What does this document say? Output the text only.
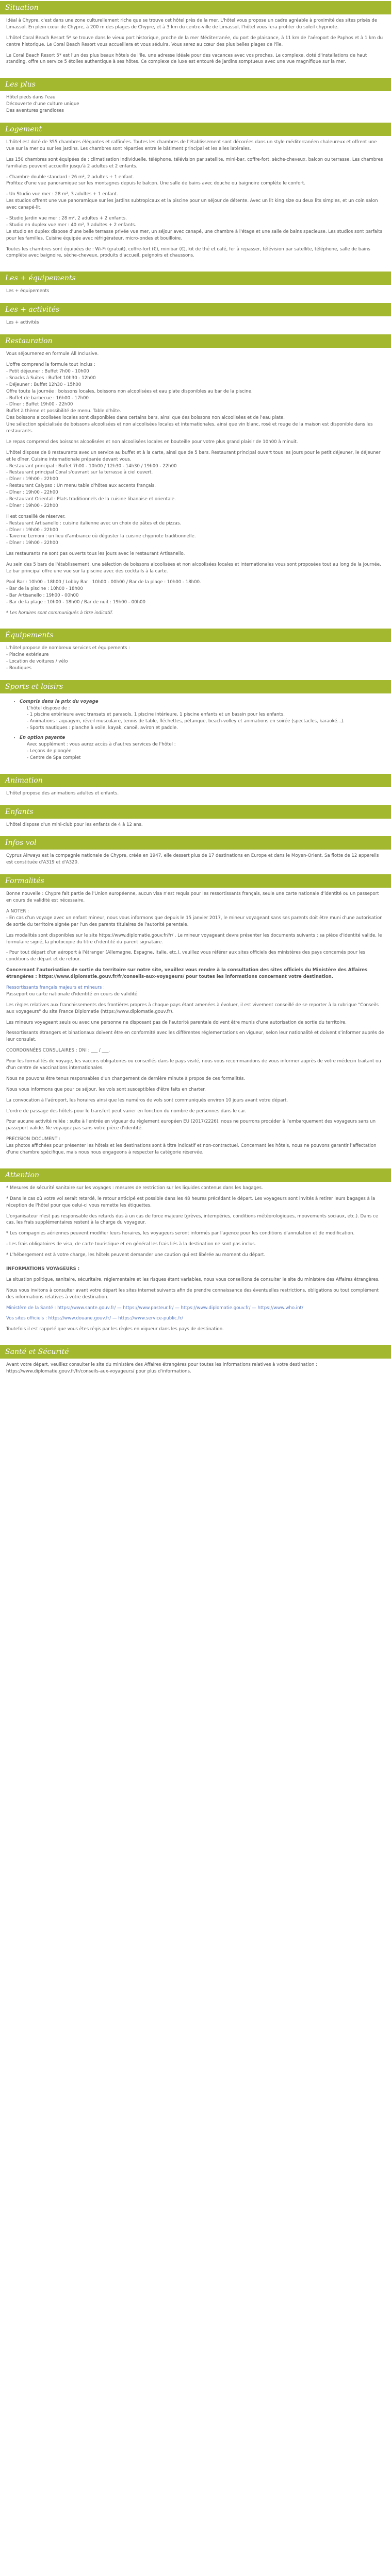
Situation

Idéal à Chypre, c'est dans une zone culturellement riche que se trouve cet hôtel près de la mer. L'hôtel vous propose un cadre agréable à proximité des sites prisés de Limassol. En plein cœur de Chypre, à 200 m des plages de Chypre, et à 3 km du centre-ville de Limassol, l'hôtel vous fera profiter du soleil chypriote.

L'hôtel Coral Beach Resort 5* se trouve dans le vieux port historique, proche de la mer Méditerranée, du port de plaisance, à 11 km de l'aéroport de Paphos et à 1 km du centre historique. Le Coral Beach Resort vous accueillera et vous séduira. Vous serez au cœur des plus belles plages de l'île.

Le Coral Beach Resort 5* est l'un des plus beaux hôtels de l'île, une adresse idéale pour des vacances avec vos proches. Le complexe, doté d'installations de haut standing, offre un service 5 étoiles authentique à ses hôtes. Ce complexe de luxe est entouré de jardins somptueux avec une vue magnifique sur la mer.

Les plus

Hôtel pieds dans l'eau

Découverte d'une culture unique

Des aventures grandioses

Logement

L'hôtel est doté de 355 chambres élégantes et raffinées. Toutes les chambres de l'établissement sont décorées dans un style méditerranéen chaleureux et offrent une vue sur la mer ou sur les jardins. Les chambres sont réparties entre le bâtiment principal et les ailes latérales.

Les 150 chambres sont équipées de : climatisation individuelle, téléphone, télévision par satellite, mini-bar, coffre-fort, sèche-cheveux, balcon ou terrasse. Les chambres familiales peuvent accueillir jusqu'à 2 adultes et 2 enfants.

- Chambre double standard : 26 m², 2 adultes + 1 enfant.

Profitez d'une vue panoramique sur les montagnes depuis le balcon. Une salle de bains avec douche ou baignoire complète le confort.

- Un Studio vue mer : 28 m², 3 adultes + 1 enfant.

Les studios offrent une vue panoramique sur les jardins subtropicaux et la piscine pour un séjour de détente. Avec un lit king size ou deux lits simples, et un coin salon avec canapé-lit.

- Studio Jardin vue mer : 28 m², 2 adultes + 2 enfants.

- Studio en duplex vue mer : 40 m², 3 adultes + 2 enfants.

Le studio en duplex dispose d'une belle terrasse privée vue mer, un séjour avec canapé, une chambre à l'étage et une salle de bains spacieuse. Les studios sont parfaits pour les familles. Cuisine équipée avec réfrigérateur, micro-ondes et bouilloire.

Toutes les chambres sont équipées de : Wi-Fi (gratuit), coffre-fort (€), minibar (€), kit de thé et café, fer à repasser, télévision par satellite, téléphone, salle de bains complète avec baignoire, sèche-cheveux, produits d'accueil, peignoirs et chaussons.

Les + équipements

Les + équipements

Les + activités

Les + activités

Restauration

Vous séjournerez en formule All Inclusive.

L'offre comprend la formule tout inclus :

- Petit déjeuner : Buffet 7h00 - 10h00

- Snacks à Suites : Buffet 10h30 - 12h00

- Déjeuner : Buffet 12h30 - 15h00

Offre toute la journée : boissons locales, boissons non alcoolisées et eau plate disponibles au bar de la piscine.

- Buffet de barbecue : 16h00 - 17h00

- Dîner : Buffet 19h00 - 22h00

Buffet à thème et possibilité de menu. Table d'hôte.

Des boissons alcoolisées locales sont disponibles dans certains bars, ainsi que des boissons non alcoolisées et de l'eau plate.

Une sélection spécialisée de boissons alcoolisées et non alcoolisées locales et internationales, ainsi que vin blanc, rosé et rouge de la maison est disponible dans les restaurants.

Le repas comprend des boissons alcoolisées et non alcoolisées locales en bouteille pour votre plus grand plaisir de 10h00 à minuit.

L'hôtel dispose de 8 restaurants avec un service au buffet et à la carte, ainsi que de 5 bars. Restaurant principal ouvert tous les jours pour le petit déjeuner, le déjeuner et le dîner. Cuisine internationale préparée devant vous.

- Restaurant principal : Buffet 7h00 - 10h00 / 12h30 - 14h30 / 19h00 - 22h00

- Restaurant principal Coral s'ouvrant sur la terrasse à ciel ouvert.

- Dîner : 19h00 - 22h00

- Restaurant Calypso : Un menu table d'hôtes aux accents français.

- Dîner : 19h00 - 22h00

- Restaurant Oriental : Plats traditionnels de la cuisine libanaise et orientale.

- Dîner : 19h00 - 22h00

Il est conseillé de réserver.

- Restaurant Artisanello : cuisine italienne avec un choix de pâtes et de pizzas.

- Dîner : 19h00 - 22h00

- Taverne Lemoni : un lieu d'ambiance où déguster la cuisine chypriote traditionnelle.

- Dîner : 19h00 - 22h00

Les restaurants ne sont pas ouverts tous les jours avec le restaurant Artisanello.

Au sein des 5 bars de l'établissement, une sélection de boissons alcoolisées et non alcoolisées locales et internationales vous sont proposées tout au long de la journée. Le bar principal offre une vue sur la piscine avec des cocktails à la carte.

Pool Bar : 10h00 - 18h00 / Lobby Bar : 10h00 - 00h00 / Bar de la plage : 10h00 - 18h00.

- Bar de la piscine : 10h00 - 18h00

- Bar Artisanello : 19h00 - 00h00

- Bar de la plage : 10h00 - 18h00 / Bar de nuit : 19h00 - 00h00

* Les horaires sont communiqués à titre indicatif.

Équipements

L'hôtel propose de nombreux services et équipements :

- Piscine extérieure

- Location de voitures / vélo

- Boutiques

Sports et loisirs
• Compris dans le prix du voyage

L'hôtel dispose de :

- 1 piscine extérieure avec transats et parasols, 1 piscine intérieure, 1 piscine enfants et un bassin pour les enfants.

- Animations : aquagym, réveil musculaire, tennis de table, fléchettes, pétanque, beach-volley et animations en soirée (spectacles, karaoké...).

- Sports nautiques : planche à voile, kayak, canoë, aviron et paddle.

• En option payante

Avec supplément : vous aurez accès à d'autres services de l'hôtel :

- Leçons de plongée

- Centre de Spa complet

Animation

L'hôtel propose des animations adultes et enfants.

Enfants

L'hôtel dispose d'un mini-club pour les enfants de 4 à 12 ans.

Infos vol

Cyprus Airways est la compagnie nationale de Chypre, créée en 1947, elle dessert plus de 17 destinations en Europe et dans le Moyen-Orient. Sa flotte de 12 appareils est constituée d'A319 et d'A320.

Formalités

Bonne nouvelle : Chypre fait partie de l'Union européenne, aucun visa n'est requis pour les ressortissants français, seule une carte nationale d'identité ou un passeport en cours de validité est nécessaire.

A NOTER :

- En cas d'un voyage avec un enfant mineur, nous vous informons que depuis le 15 janvier 2017, le mineur voyageant sans ses parents doit être muni d'une autorisation de sortie du territoire signée par l'un des parents titulaires de l'autorité parentale.

Les modalités sont disponibles sur le site https://www.diplomatie.gouv.fr/fr/ . Le mineur voyageant devra présenter les documents suivants : sa pièce d'identité valide, le formulaire signé, la photocopie du titre d'identité du parent signataire.

- Pour tout départ d'un aéroport à l'étranger (Allemagne, Espagne, Italie, etc.), veuillez vous référer aux sites officiels des ministères des pays concernés pour les conditions de départ et de retour.

Concernant l'autorisation de sortie du territoire sur notre site, veuillez vous rendre à la consultation des sites officiels du Ministère des Affaires étrangères : https://www.diplomatie.gouv.fr/fr/conseils-aux-voyageurs/ pour toutes les informations concernant votre destination.

Ressortissants français majeurs et mineurs :

Passeport ou carte nationale d'identité en cours de validité.

Les règles relatives aux franchissements des frontières propres à chaque pays étant amenées à évoluer, il est vivement conseillé de se reporter à la rubrique "Conseils aux voyageurs" du site France Diplomatie (https://www.diplomatie.gouv.fr).

Les mineurs voyageant seuls ou avec une personne ne disposant pas de l'autorité parentale doivent être munis d'une autorisation de sortie du territoire.

Ressortissants étrangers et binationaux doivent être en conformité avec les différentes réglementations en vigueur, selon leur nationalité et doivent s'informer auprès de leur consulat.

COORDONNÉES CONSULAIRES : DNI : ___ / ___.

Pour les formalités de voyage, les vaccins obligatoires ou conseillés dans le pays visité, nous vous recommandons de vous informer auprès de votre médecin traitant ou d'un centre de vaccinations internationales.

Nous ne pouvons être tenus responsables d'un changement de dernière minute à propos de ces formalités.

Nous vous informons que pour ce séjour, les vols sont susceptibles d'être faits en charter.

La convocation à l'aéroport, les horaires ainsi que les numéros de vols sont communiqués environ 10 jours avant votre départ.

L'ordre de passage des hôtels pour le transfert peut varier en fonction du nombre de personnes dans le car.

Pour aucune activité reliée : suite à l'entrée en vigueur du règlement européen EU (2017/2226), nous ne pourrons procéder à l'embarquement des voyageurs sans un passeport valide. Ne voyagez pas sans votre pièce d'identité.

PRECISION DOCUMENT :

Les photos affichées pour présenter les hôtels et les destinations sont à titre indicatif et non-contractuel. Concernant les hôtels, nous ne pouvons garantir l'affectation d'une chambre spécifique, mais nous nous engageons à respecter la catégorie réservée.

Attention

* Mesures de sécurité sanitaire sur les voyages : mesures de restriction sur les liquides contenus dans les bagages.

* Dans le cas où votre vol serait retardé, le retour anticipé est possible dans les 48 heures précédant le départ. Les voyageurs sont invités à retirer leurs bagages à la réception de l'hôtel pour que celui-ci vous remette les étiquettes.

L'organisateur n'est pas responsable des retards dus à un cas de force majeure (grèves, intempéries, conditions météorologiques, mouvements sociaux, etc.). Dans ce cas, les frais supplémentaires restent à la charge du voyageur.

* Les compagnies aériennes peuvent modifier leurs horaires, les voyageurs seront informés par l'agence pour les conditions d'annulation et de modification.

- Les frais obligatoires de visa, de carte touristique et en général les frais liés à la destination ne sont pas inclus.

* L'hébergement est à votre charge, les hôtels peuvent demander une caution qui est libérée au moment du départ.

INFORMATIONS VOYAGEURS :

La situation politique, sanitaire, sécuritaire, réglementaire et les risques étant variables, nous vous conseillons de consulter le site du ministère des Affaires étrangères.

Nous vous invitons à consulter avant votre départ les sites internet suivants afin de prendre connaissance des éventuelles restrictions, obligations ou tout complément des informations relatives à votre destination.

Ministère de la Santé : https://www.sante.gouv.fr/ — https://www.pasteur.fr/ — https://www.diplomatie.gouv.fr/ — https://www.who.int/

Vos sites officiels : https://www.douane.gouv.fr/ — https://www.service-public.fr/

Toutefois il est rappelé que vous êtes régis par les règles en vigueur dans les pays de destination.

Santé et Sécurité

Avant votre départ, veuillez consulter le site du ministère des Affaires étrangères pour toutes les informations relatives à votre destination : https://www.diplomatie.gouv.fr/fr/conseils-aux-voyageurs/ pour plus d'informations.
